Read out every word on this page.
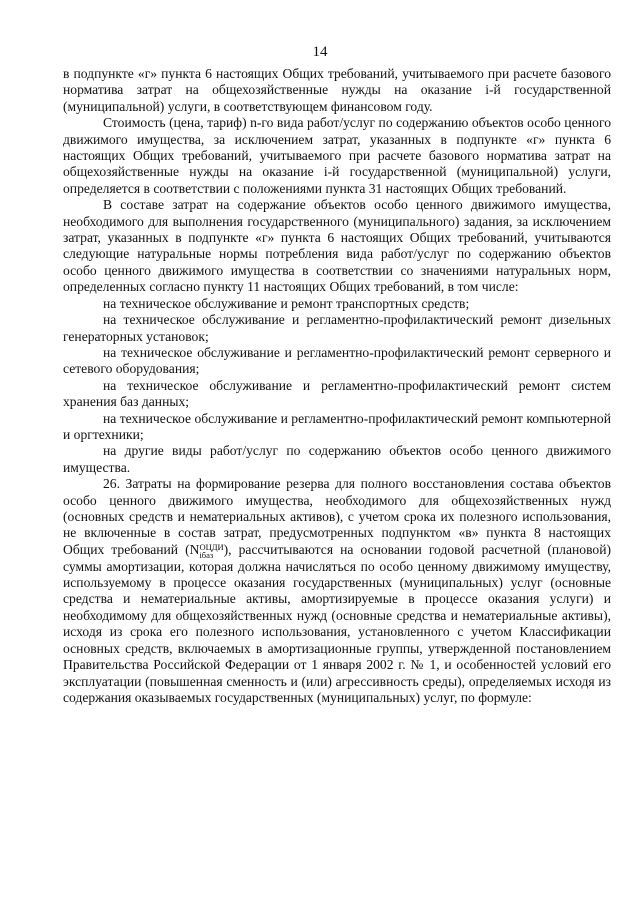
14

в подпункте «г» пункта 6 настоящих Общих требований, учитываемого при расчете базового норматива затрат на общехозяйственные нужды на оказание i-й государственной (муниципальной) услуги, в соответствующем финансовом году.

Стоимость (цена, тариф) n-го вида работ/услуг по содержанию объектов особо ценного движимого имущества, за исключением затрат, указанных в подпункте «г» пункта 6 настоящих Общих требований, учитываемого при расчете базового норматива затрат на общехозяйственные нужды на оказание i-й государственной (муниципальной) услуги, определяется в соответствии с положениями пункта 31 настоящих Общих требований.

В составе затрат на содержание объектов особо ценного движимого имущества, необходимого для выполнения государственного (муниципального) задания, за исключением затрат, указанных в подпункте «г» пункта 6 настоящих Общих требований, учитываются следующие натуральные нормы потребления вида работ/услуг по содержанию объектов особо ценного движимого имущества в соответствии со значениями натуральных норм, определенных согласно пункту 11 настоящих Общих требований, в том числе:

на техническое обслуживание и ремонт транспортных средств;

на техническое обслуживание и регламентно-профилактический ремонт дизельных генераторных установок;

на техническое обслуживание и регламентно-профилактический ремонт серверного и сетевого оборудования;

на техническое обслуживание и регламентно-профилактический ремонт систем хранения баз данных;

на техническое обслуживание и регламентно-профилактический ремонт компьютерной и оргтехники;

на другие виды работ/услуг по содержанию объектов особо ценного движимого имущества.

26. Затраты на формирование резерва для полного восстановления состава объектов особо ценного движимого имущества, необходимого для общехозяйственных нужд (основных средств и нематериальных активов), с учетом срока их полезного использования, не включенные в состав затрат, предусмотренных подпунктом «в» пункта 8 настоящих Общих требований (N ОЦДИ
iбаз ), рассчитываются на основании годовой расчетной (плановой) суммы амортизации, которая должна начисляться по особо ценному движимому имуществу, используемому в процессе оказания государственных (муниципальных) услуг (основные средства и нематериальные активы, амортизируемые в процессе оказания услуги) и необходимому для общехозяйственных нужд (основные средства и нематериальные активы), исходя из срока его полезного использования, установленного с учетом Классификации основных средств, включаемых в амортизационные группы, утвержденной постановлением Правительства Российской Федерации от 1 января 2002 г. № 1, и особенностей условий его эксплуатации (повышенная сменность и (или) агрессивность среды), определяемых исходя из содержания оказываемых государственных (муниципальных) услуг, по формуле:
